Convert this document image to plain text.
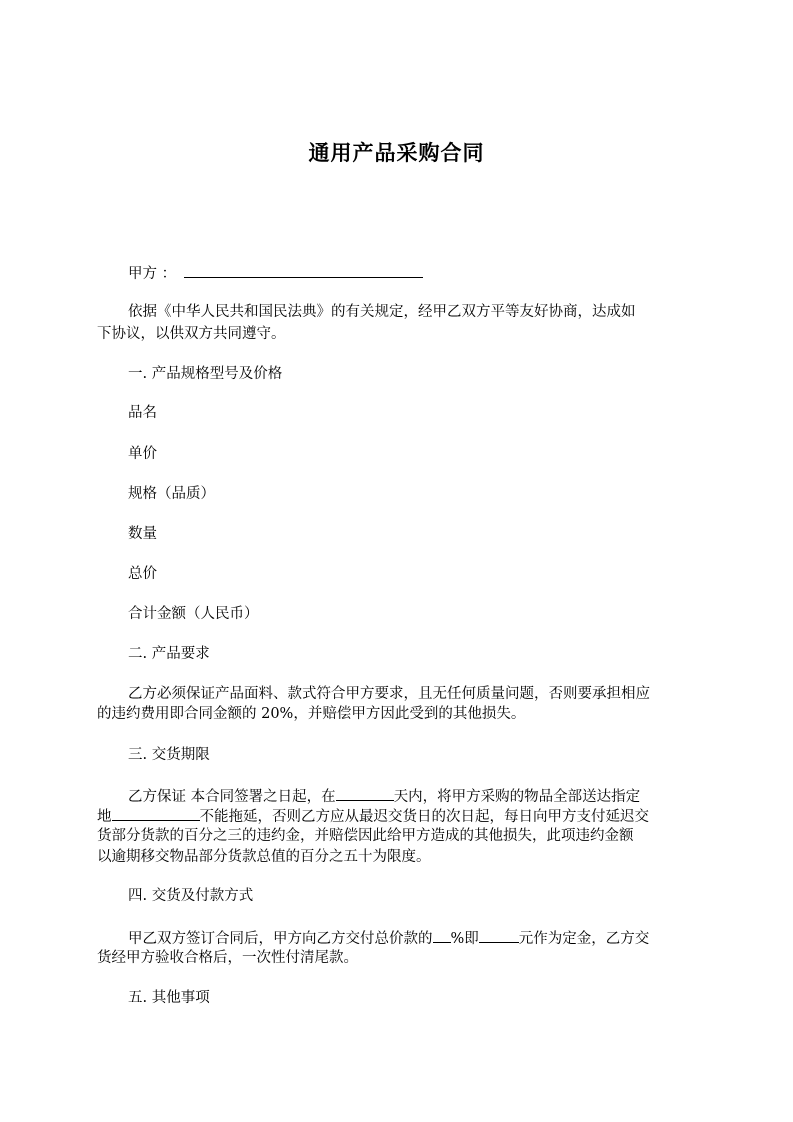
通用产品采购合同
甲方 ：
依据《中华人民共和国民法典》的有关规定，经甲乙双方平等友好协商，达成如
下协议，以供双方共同遵守。
一. 产品规格型号及价格
品名
单价
规格（品质）
数量
总价
合计金额（人民币）
二. 产品要求
乙方必须保证产品面料、款式符合甲方要求，且无任何质量问题，否则要承担相应
的违约费用即合同金额的 20%，并赔偿甲方因此受到的其他损失。
三. 交货期限
乙方保证 本合同签署之日起，在	天内，将甲方采购的物品全部送达指定
地	不能拖延，否则乙方应从最迟交货日的次日起，每日向甲方支付延迟交
货部分货款的百分之三的违约金，并赔偿因此给甲方造成的其他损失，此项违约金额
以逾期移交物品部分货款总值的百分之五十为限度。
四. 交货及付款方式
甲乙双方签订合同后，甲方向乙方交付总价款的 %即	元作为定金，乙方交
货经甲方验收合格后，一次性付清尾款。
五. 其他事项
